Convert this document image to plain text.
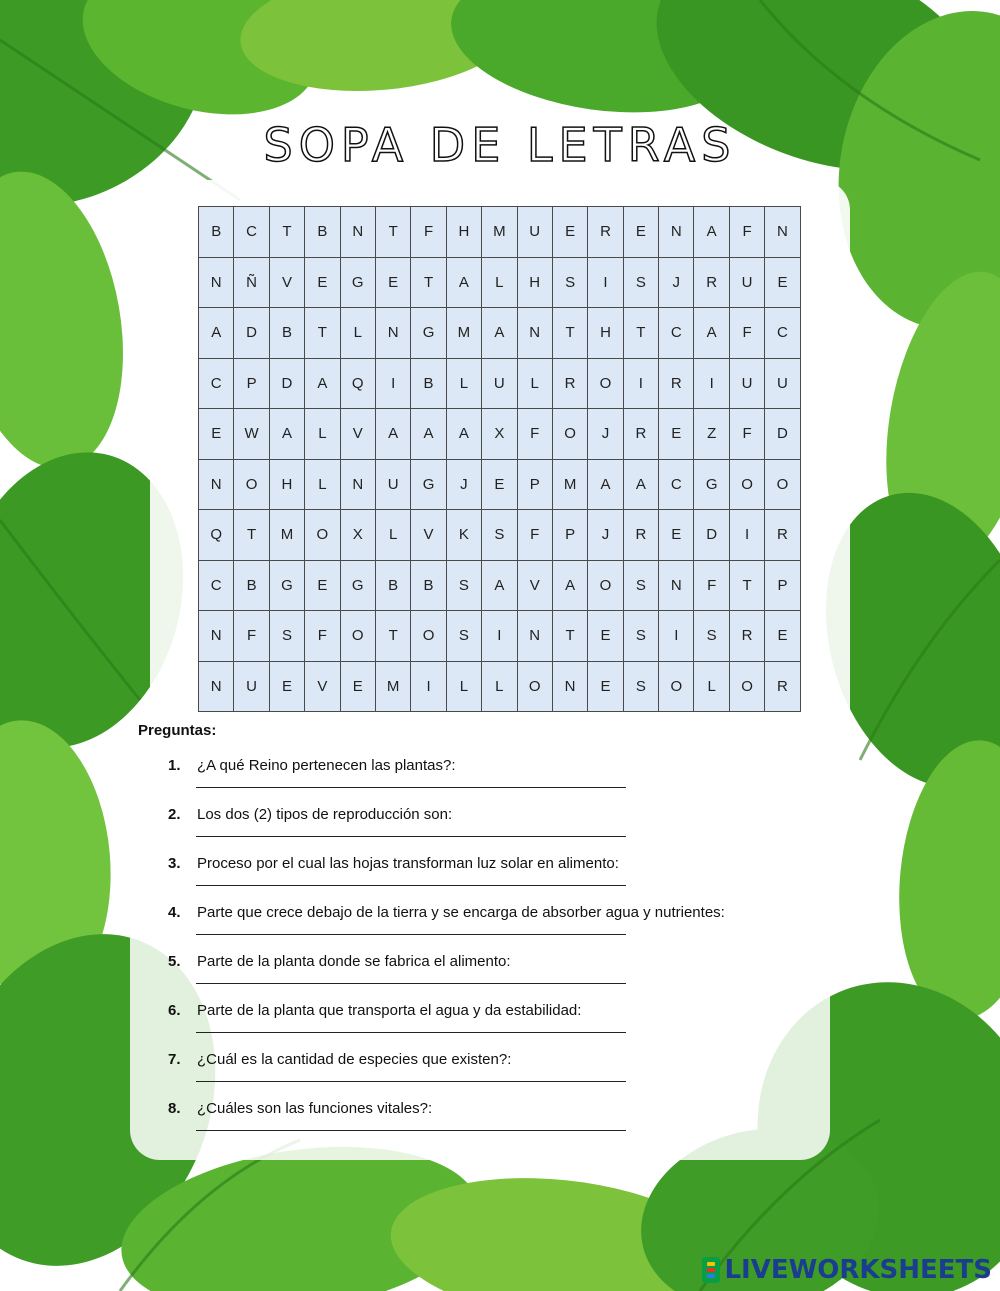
SOPA DE LETRAS
B	C	T	B	N	T	F	H	M	U	E	R	E	N	A	F	N
N	Ñ	V	E	G	E	T	A	L	H	S	I	S	J	R	U	E
A	D	B	T	L	N	G	M	A	N	T	H	T	C	A	F	C
C	P	D	A	Q	I	B	L	U	L	R	O	I	R	I	U	U
E	W	A	L	V	A	A	A	X	F	O	J	R	E	Z	F	D
N	O	H	L	N	U	G	J	E	P	M	A	A	C	G	O	O
Q	T	M	O	X	L	V	K	S	F	P	J	R	E	D	I	R
C	B	G	E	G	B	B	S	A	V	A	O	S	N	F	T	P
N	F	S	F	O	T	O	S	I	N	T	E	S	I	S	R	E
N	U	E	V	E	M	I	L	L	O	N	E	S	O	L	O	R
Preguntas:
1. ¿A qué Reino pertenecen las plantas?:
2. Los dos (2) tipos de reproducción son:
3. Proceso por el cual las hojas transforman luz solar en alimento:
4. Parte que crece debajo de la tierra y se encarga de absorber agua y nutrientes:
5. Parte de la planta donde se fabrica el alimento:
6. Parte de la planta que transporta el agua y da estabilidad:
7. ¿Cuál es la cantidad de especies que existen?:
8. ¿Cuáles son las funciones vitales?:
LIVEWORKSHEETS
